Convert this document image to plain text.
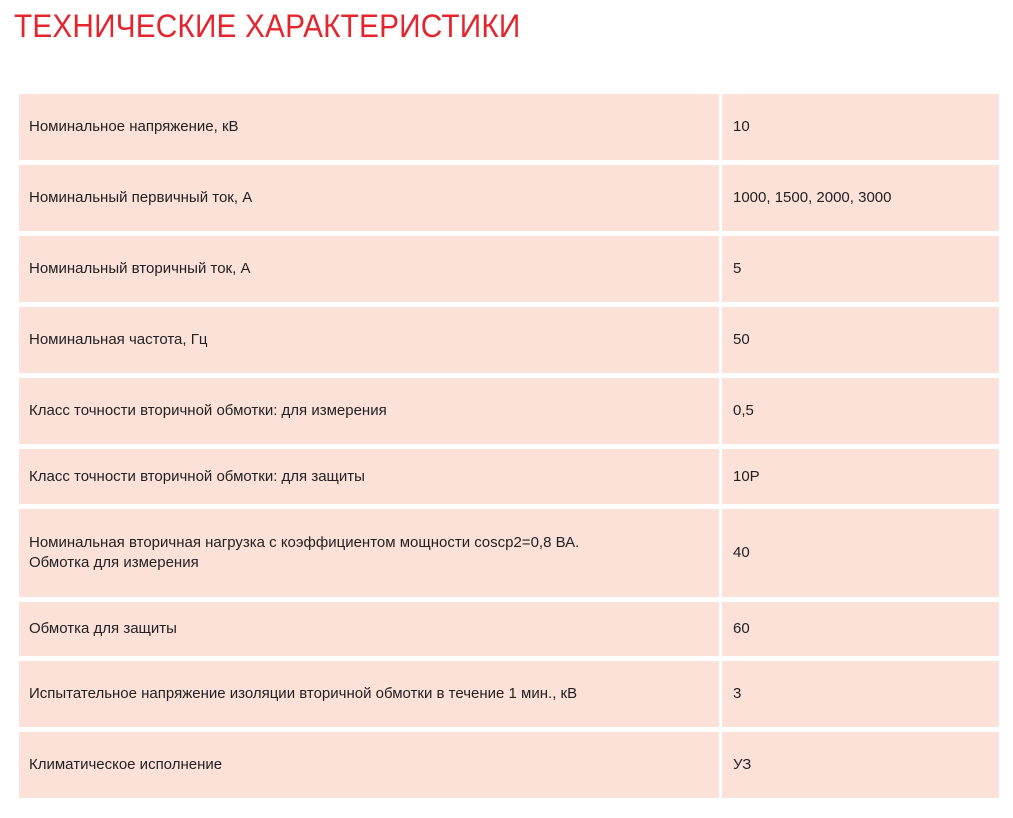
ТЕХНИЧЕСКИЕ ХАРАКТЕРИСТИКИ
Номинальное напряжение, кВ	10
Номинальный первичный ток, А	1000, 1500, 2000, 3000
Номинальный вторичный ток, А	5
Номинальная частота, Гц	50
Класс точности вторичной обмотки: для измерения	0,5
Класс точности вторичной обмотки: для защиты	10Р
Номинальная вторичная нагрузка с коэффициентом мощности coscp2=0,8 ВА.
Обмотка для измерения	40
Обмотка для защиты	60
Испытательное напряжение изоляции вторичной обмотки в течение 1 мин., кВ	3
Климатическое исполнение	УЗ
